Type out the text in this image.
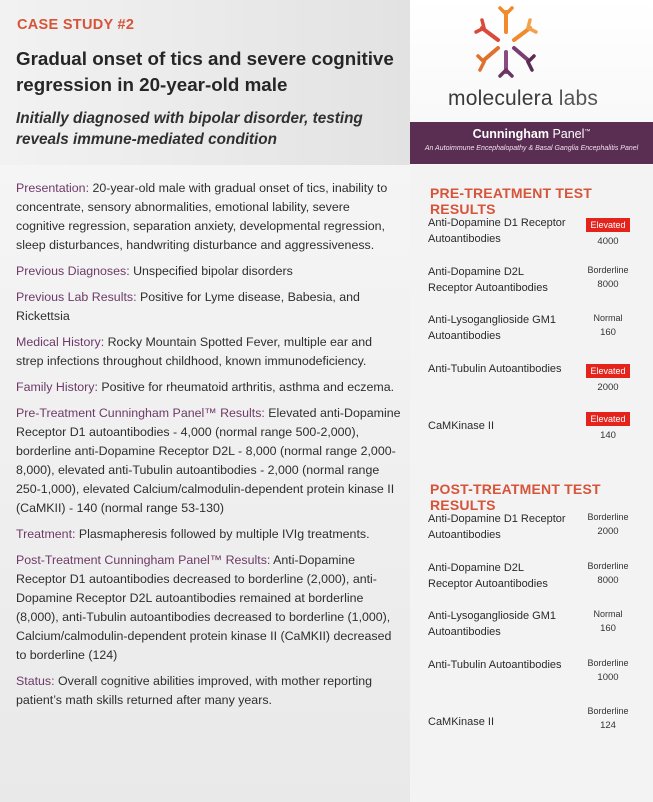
CASE STUDY #2
Gradual onset of tics and severe cognitive regression in 20-year-old male
Initially diagnosed with bipolar disorder, testing reveals immune-mediated condition
moleculera labs
Cunningham Panel™
An Autoimmune Encephalopathy & Basal Ganglia Encephalitis Panel
Presentation: 20-year-old male with gradual onset of tics, inability to concentrate, sensory abnormalities, emotional lability, severe cognitive regression, separation anxiety, developmental regression, sleep disturbances, handwriting disturbance and aggressiveness.
Previous Diagnoses: Unspecified bipolar disorders
Previous Lab Results: Positive for Lyme disease, Babesia, and Rickettsia
Medical History: Rocky Mountain Spotted Fever, multiple ear and strep infections throughout childhood, known immunodeficiency.
Family History: Positive for rheumatoid arthritis, asthma and eczema.
Pre-Treatment Cunningham Panel™ Results: Elevated anti-Dopamine Receptor D1 autoantibodies - 4,000 (normal range 500-2,000), borderline anti-Dopamine Receptor D2L - 8,000 (normal range 2,000-8,000), elevated anti-Tubulin autoantibodies - 2,000 (normal range 250-1,000), elevated Calcium/calmodulin-dependent protein kinase II (CaMKII) - 140 (normal range 53-130)
Treatment: Plasmapheresis followed by multiple IVIg treatments.
Post-Treatment Cunningham Panel™ Results: Anti-Dopamine Receptor D1 autoantibodies decreased to borderline (2,000), anti-Dopamine Receptor D2L autoantibodies remained at borderline (8,000), anti-Tubulin autoantibodies decreased to borderline (1,000), Calcium/calmodulin-dependent protein kinase II (CaMKII) decreased to borderline (124)
Status: Overall cognitive abilities improved, with mother reporting patient’s math skills returned after many years.
PRE-TREATMENT TEST RESULTS
Anti-Dopamine D1 Receptor Autoantibodies
Elevated
4000
Anti-Dopamine D2L Receptor Autoantibodies
Borderline
8000
Anti-Lysoganglioside GM1 Autoantibodies
Normal
160
Anti-Tubulin Autoantibodies	Elevated
2000
CaMKinase II
Elevated
140
POST-TREATMENT TEST RESULTS
Anti-Dopamine D1 Receptor Autoantibodies
Borderline
2000
Anti-Dopamine D2L Receptor Autoantibodies
Borderline
8000
Anti-Lysoganglioside GM1 Autoantibodies
Normal
160
Anti-Tubulin Autoantibodies	Borderline
1000
CaMKinase II
Borderline
124
